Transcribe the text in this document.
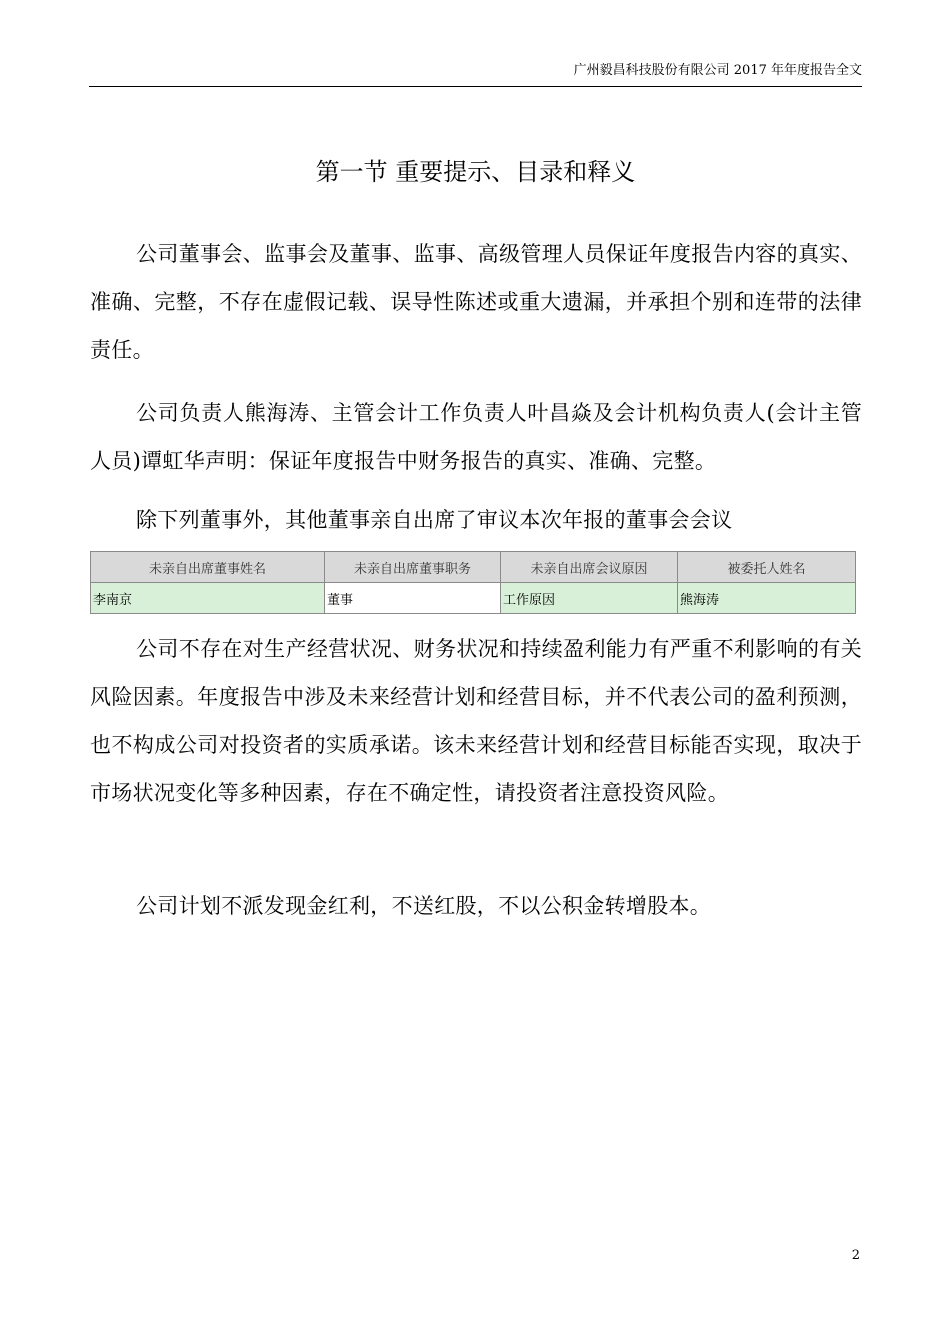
广州毅昌科技股份有限公司 2017 年年度报告全文
第一节 重要提示、目录和释义

公司董事会、监事会及董事、监事、高级管理人员保证年度报告内容的真实、准确、完整，不存在虚假记载、误导性陈述或重大遗漏，并承担个别和连带的法律责任。

公司负责人熊海涛、主管会计工作负责人叶昌焱及会计机构负责人(会计主管人员)谭虹华声明：保证年度报告中财务报告的真实、准确、完整。

除下列董事外，其他董事亲自出席了审议本次年报的董事会会议

未亲自出席董事姓名	未亲自出席董事职务	未亲自出席会议原因	被委托人姓名
李南京	董事	工作原因	熊海涛

公司不存在对生产经营状况、财务状况和持续盈利能力有严重不利影响的有关风险因素。年度报告中涉及未来经营计划和经营目标，并不代表公司的盈利预测，也不构成公司对投资者的实质承诺。该未来经营计划和经营目标能否实现，取决于市场状况变化等多种因素，存在不确定性，请投资者注意投资风险。

公司计划不派发现金红利，不送红股，不以公积金转增股本。

2
